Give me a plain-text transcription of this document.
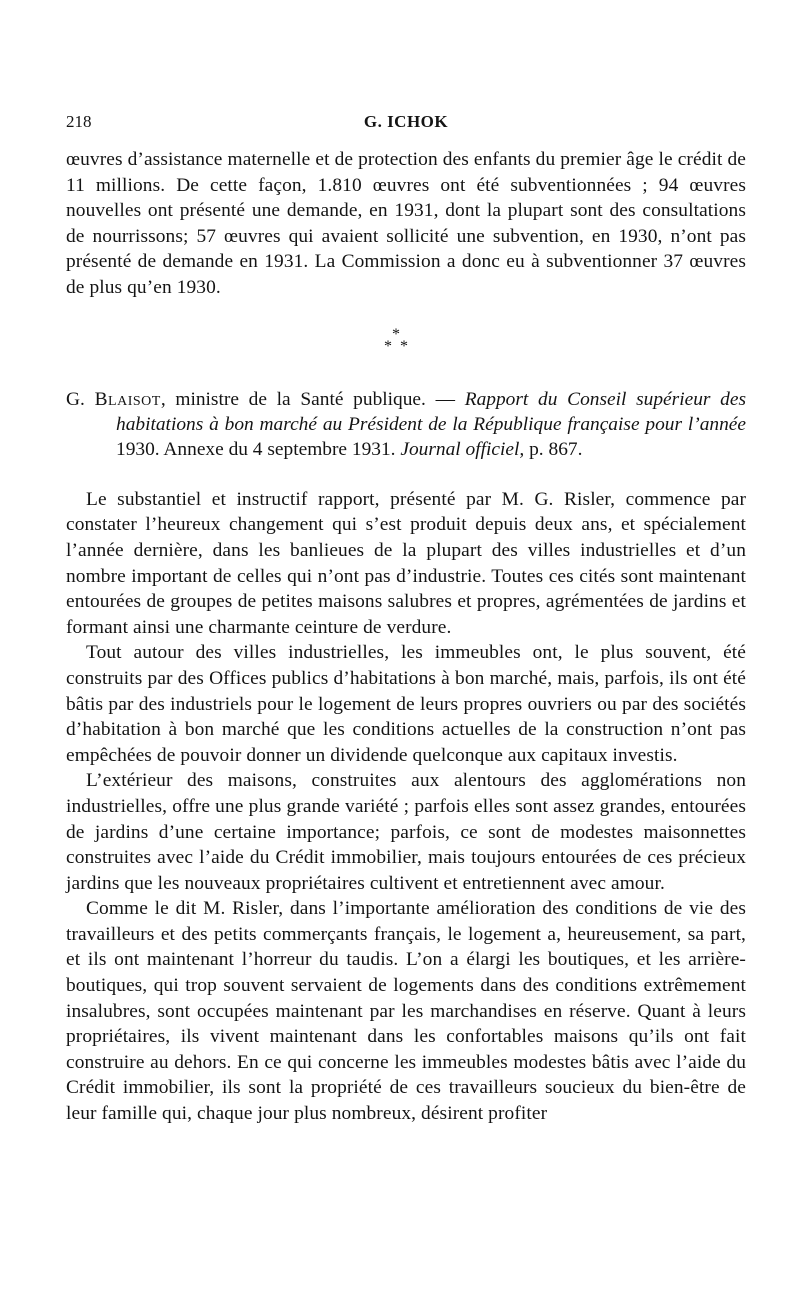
218	G. ICHOK

œuvres d’assistance maternelle et de protection des enfants du premier âge le crédit de 11 millions. De cette façon, 1.810 œuvres ont été subventionnées ; 94 œuvres nouvelles ont présenté une demande, en 1931, dont la plupart sont des consultations de nourrissons; 57 œuvres qui avaient sollicité une subvention, en 1930, n’ont pas présenté de demande en 1931. La Commission a donc eu à subventionner 37 œuvres de plus qu’en 1930.

*
* *

G. Blaisot, ministre de la Santé publique. — Rapport du Conseil supérieur des habitations à bon marché au Président de la République française pour l’année 1930. Annexe du 4 septembre 1931. Journal officiel, p. 867.

Le substantiel et instructif rapport, présenté par M. G. Risler, commence par constater l’heureux changement qui s’est produit depuis deux ans, et spécialement l’année dernière, dans les banlieues de la plupart des villes industrielles et d’un nombre important de celles qui n’ont pas d’industrie. Toutes ces cités sont maintenant entourées de groupes de petites maisons salubres et propres, agrémentées de jardins et formant ainsi une charmante ceinture de verdure.

Tout autour des villes industrielles, les immeubles ont, le plus souvent, été construits par des Offices publics d’habitations à bon marché, mais, parfois, ils ont été bâtis par des industriels pour le logement de leurs propres ouvriers ou par des sociétés d’habitation à bon marché que les conditions actuelles de la construction n’ont pas empêchées de pouvoir donner un dividende quelconque aux capitaux investis.

L’extérieur des maisons, construites aux alentours des agglomérations non industrielles, offre une plus grande variété ; parfois elles sont assez grandes, entourées de jardins d’une certaine importance; parfois, ce sont de modestes maisonnettes construites avec l’aide du Crédit immobilier, mais toujours entourées de ces précieux jardins que les nouveaux propriétaires cultivent et entretiennent avec amour.

Comme le dit M. Risler, dans l’importante amélioration des conditions de vie des travailleurs et des petits commerçants français, le logement a, heureusement, sa part, et ils ont maintenant l’horreur du taudis. L’on a élargi les boutiques, et les arrière-boutiques, qui trop souvent servaient de logements dans des conditions extrêmement insalubres, sont occupées maintenant par les marchandises en réserve. Quant à leurs propriétaires, ils vivent maintenant dans les confortables maisons qu’ils ont fait construire au dehors. En ce qui concerne les immeubles modestes bâtis avec l’aide du Crédit immobilier, ils sont la propriété de ces travailleurs soucieux du bien-être de leur famille qui, chaque jour plus nombreux, désirent profiter
